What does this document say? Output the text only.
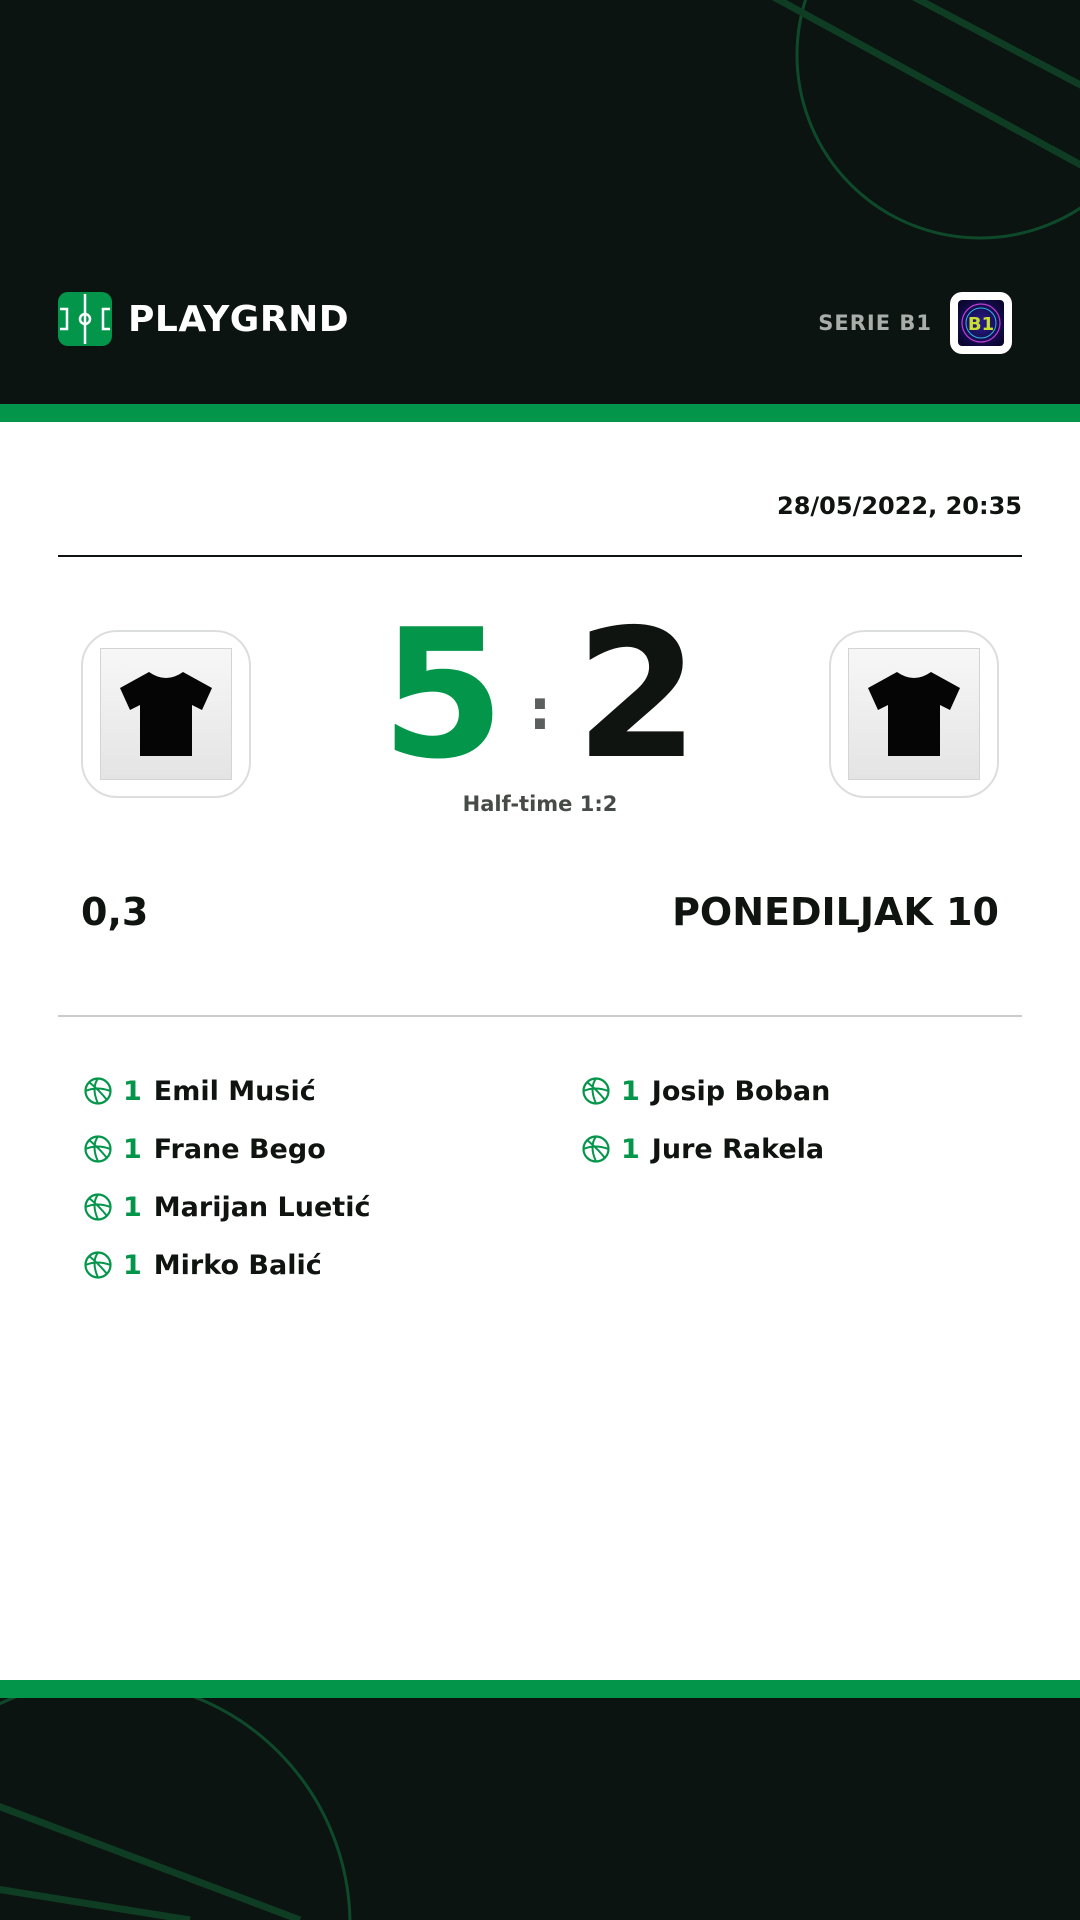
PLAYGRND	SERIE B1 B1
28/05/2022, 20:35
5 : 2
Half-time 1:2
0,3	PONEDILJAK 10
1 Emil Musić
1 Frane Bego
1 Marijan Luetić
1 Mirko Balić
1 Josip Boban
1 Jure Rakela
